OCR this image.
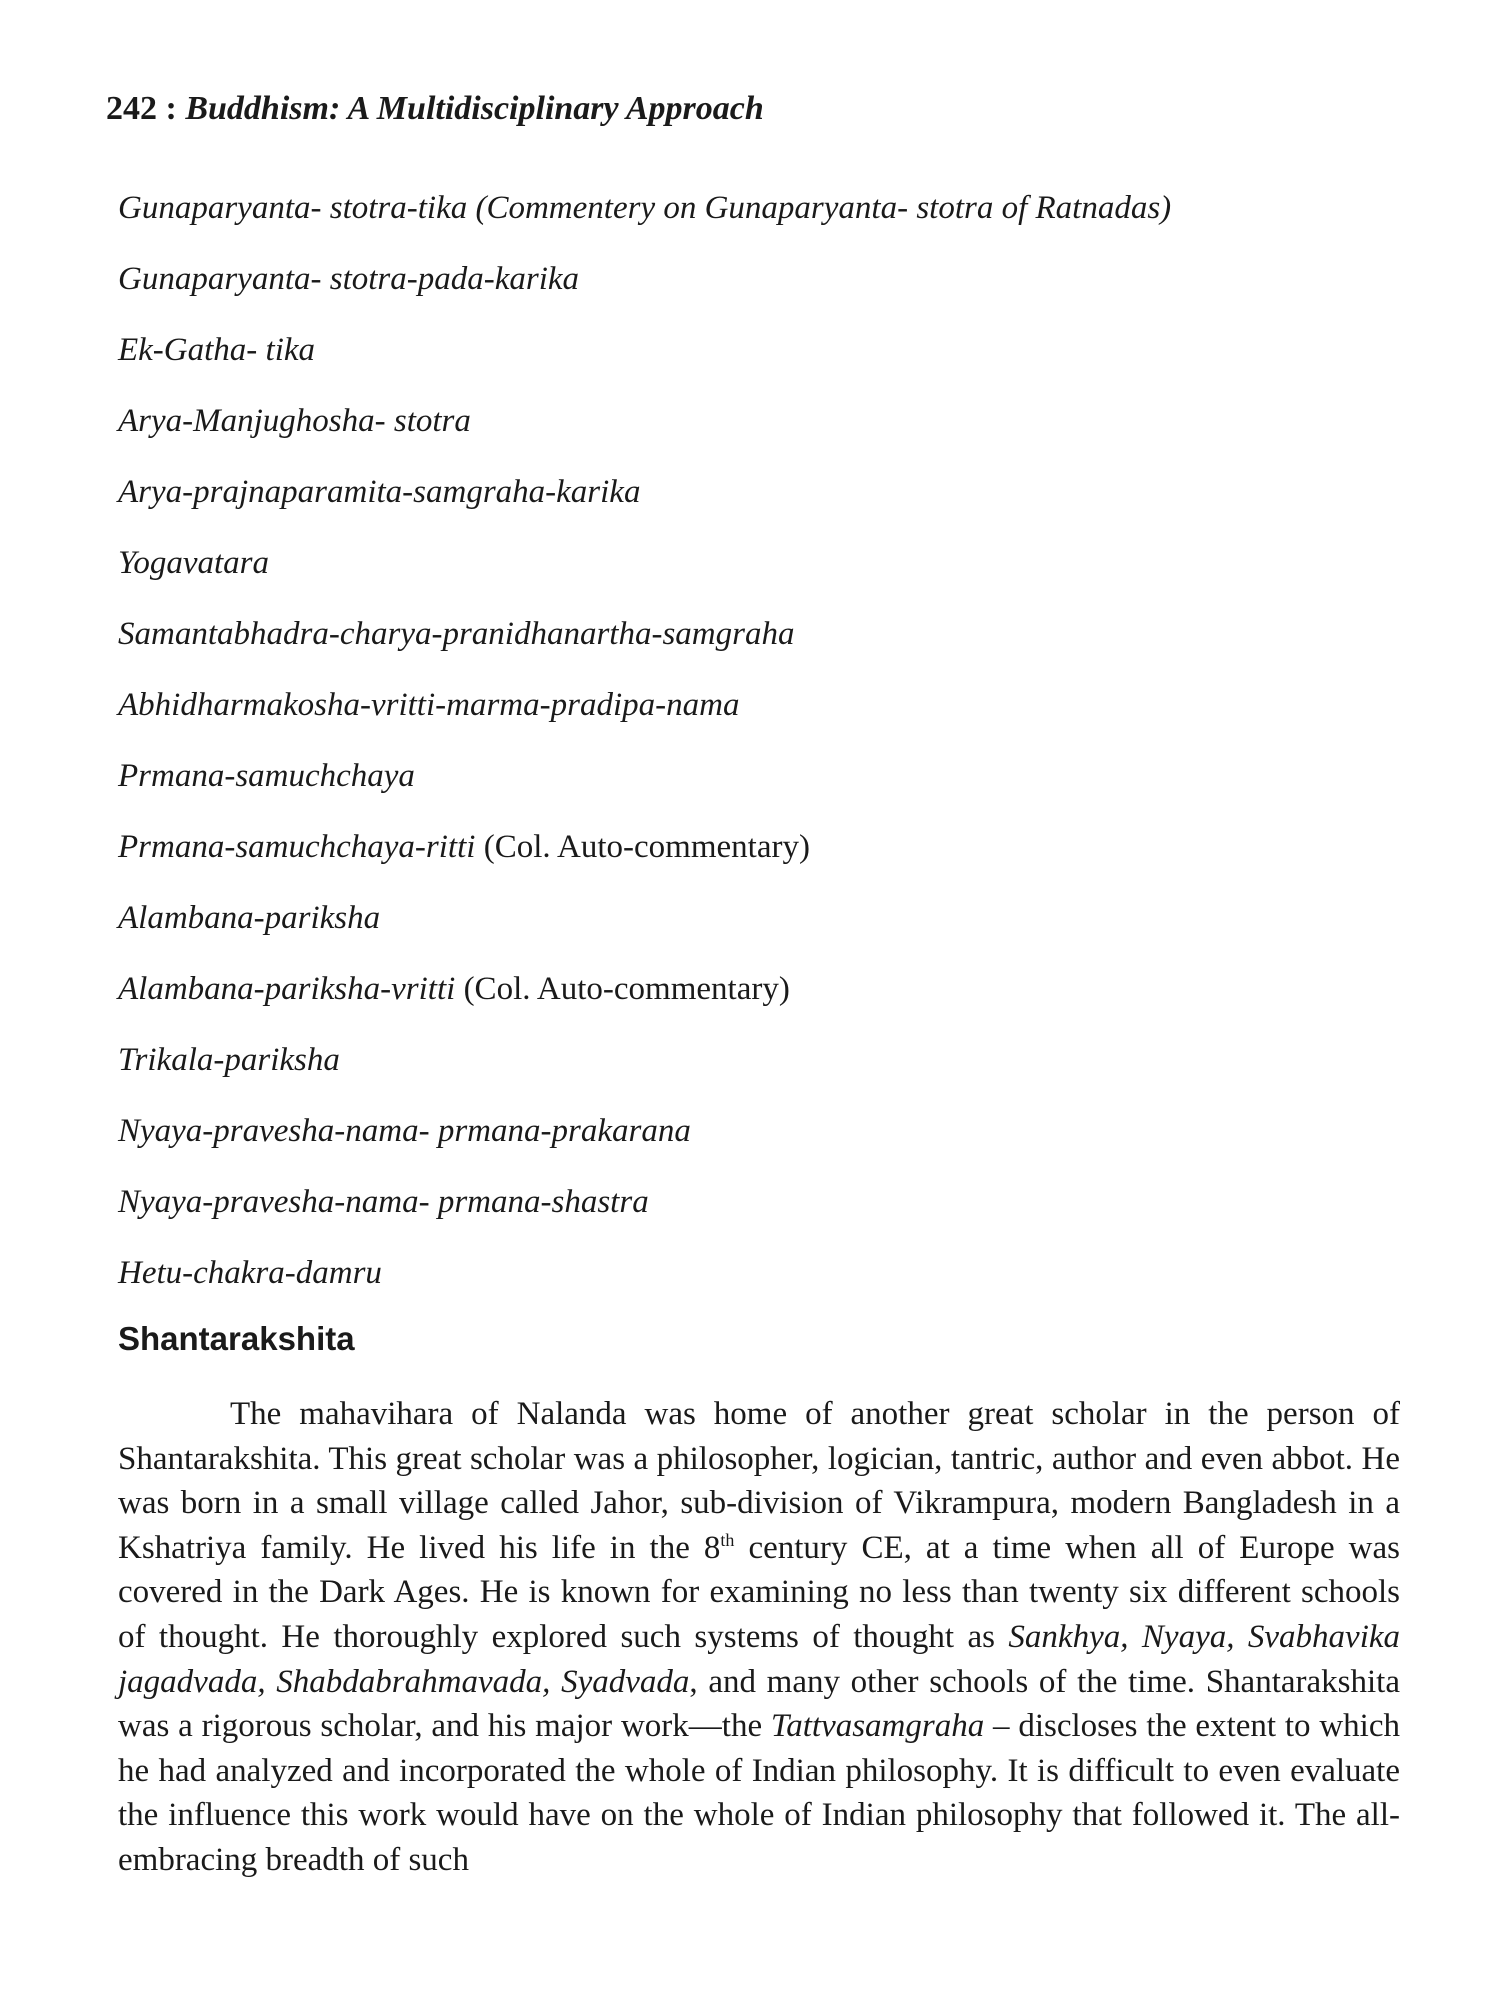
242 : Buddhism: A Multidisciplinary Approach
Gunaparyanta- stotra-tika (Commentery on Gunaparyanta- stotra of Ratnadas)
Gunaparyanta- stotra-pada-karika
Ek-Gatha- tika
Arya-Manjughosha- stotra
Arya-prajnaparamita-samgraha-karika
Yogavatara
Samantabhadra-charya-pranidhanartha-samgraha
Abhidharmakosha-vritti-marma-pradipa-nama
Prmana-samuchchaya
Prmana-samuchchaya-ritti (Col. Auto-commentary)
Alambana-pariksha
Alambana-pariksha-vritti (Col. Auto-commentary)
Trikala-pariksha
Nyaya-pravesha-nama- prmana-prakarana
Nyaya-pravesha-nama- prmana-shastra
Hetu-chakra-damru
Shantarakshita

The mahavihara of Nalanda was home of another great scholar in the person of Shantarakshita. This great scholar was a philosopher, logician, tantric, author and even abbot. He was born in a small village called Jahor, sub-division of Vikrampura, modern Bangladesh in a Kshatriya family. He lived his life in the 8th century CE, at a time when all of Europe was covered in the Dark Ages. He is known for examining no less than twenty six different schools of thought. He thoroughly explored such systems of thought as Sankhya, Nyaya, Svabhavika jagadvada, Shabdabrahmavada, Syadvada, and many other schools of the time. Shantarakshita was a rigorous scholar, and his major work—the Tattvasamgraha – discloses the extent to which he had analyzed and incorporated the whole of Indian philosophy. It is difficult to even evaluate the influence this work would have on the whole of Indian philosophy that followed it. The all-embracing breadth of such
